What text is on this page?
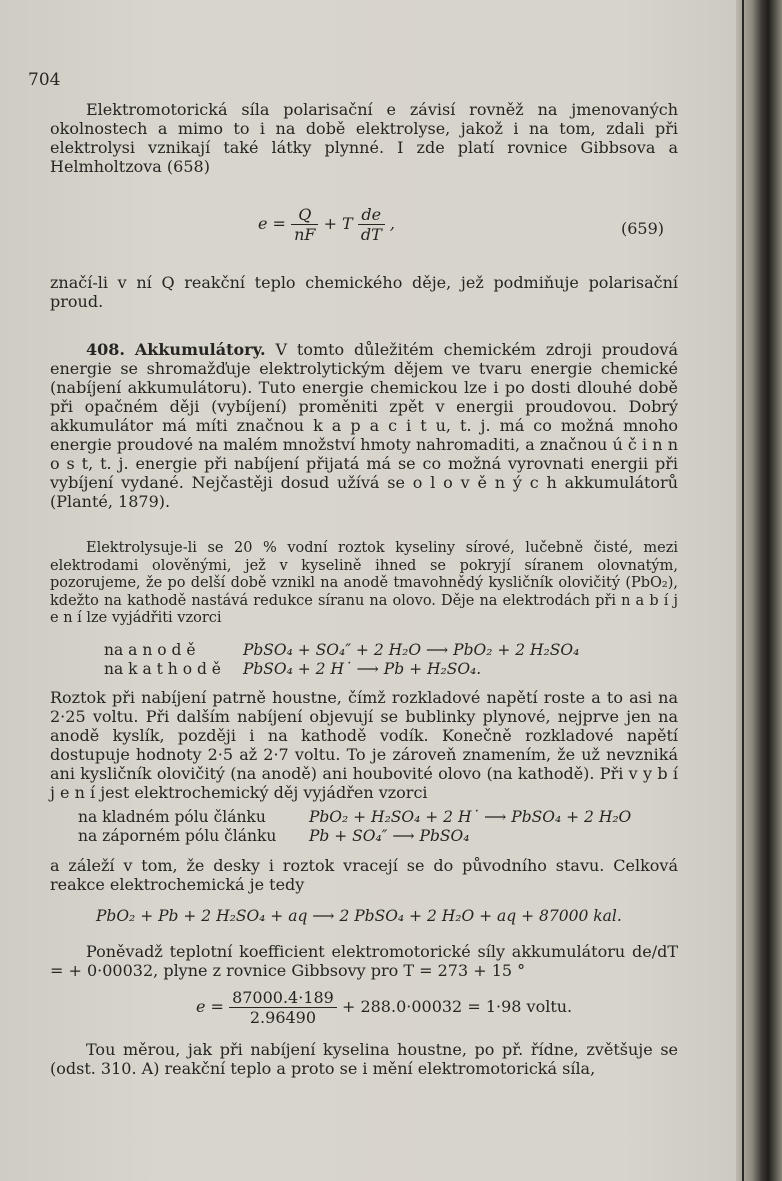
704

Elektromotorická síla polarisační e závisí rovněž na jmenovaných okolnostech a mimo to i na době elektrolyse, jakož i na tom, zdali při elektrolysi vznikají také látky plynné. I zde platí rovnice Gibbsova a Helmholtzova (658)

$e = \frac{Q}{nF} + T \frac{de}{dT}$ ,	(659)

značí-li v ní Q reakční teplo chemického děje, jež podmiňuje polarisační proud.

408. Akkumulátory. V tomto důležitém chemickém zdroji proudová energie se shromažďuje elektrolytickým dějem ve tvaru energie chemické (nabíjení akkumulátoru). Tuto energie chemickou lze i po dosti dlouhé době při opačném ději (vybíjení) proměniti zpět v energii proudovou. Dobrý akkumulátor má míti značnou k a p a c i t u, t. j. má co možná mnoho energie proudové na malém množství hmoty nahromaditi, a značnou ú č i n n o s t, t. j. energie při nabíjení přijatá má se co možná vyrovnati energii při vybíjení vydané. Nejčastěji dosud užívá se o l o v ě n ý c h akkumulátorů (Planté, 1879).

Elektrolysuje-li se 20 % vodní roztok kyseliny sírové, lučebně čisté, mezi elektrodami olověnými, jež v kyselině ihned se pokryjí síranem olovnatým, pozorujeme, že po delší době vznikl na anodě tmavohnědý kysličník olovičitý (PbO₂), kdežto na kathodě nastává redukce síranu na olovo. Děje na elektrodách při n a b í j e n í lze vyjádřiti vzorci

na a n o d ě	PbSO₄ + SO₄″ + 2 H₂O ⟶ PbO₂ + 2 H₂SO₄
na k a t h o d ě PbSO₄ + 2 H˙ ⟶ Pb + H₂SO₄.

Roztok při nabíjení patrně houstne, čímž rozkladové napětí roste a to asi na 2·25 voltu. Při dalším nabíjení objevují se bublinky plynové, nejprve jen na anodě kyslík, později i na kathodě vodík. Konečně rozkladové napětí dostupuje hodnoty 2·5 až 2·7 voltu. To je zároveň znamením, že už nevzniká ani kysličník olovičitý (na anodě) ani houbovité olovo (na kathodě). Při v y b í j e n í jest elektrochemický děj vyjádřen vzorci

na kladném pólu článku	PbO₂ + H₂SO₄ + 2 H˙ ⟶ PbSO₄ + 2 H₂O
na záporném pólu článku Pb + SO₄″ ⟶ PbSO₄

a záleží v tom, že desky i roztok vracejí se do původního stavu. Celková reakce elektrochemická je tedy

PbO₂ + Pb + 2 H₂SO₄ + aq ⟶ 2 PbSO₄ + 2 H₂O + aq + 87000 kal.

Poněvadž teplotní koefficient elektromotorické síly akkumulátoru de/dT = + 0·00032, plyne z rovnice Gibbsovy pro T = 273 + 15 °

$e = \frac{87000.4\cdot 189}{2.96490} + 288.0\cdot 00032 = 1\cdot 98$ voltu.

Tou měrou, jak při nabíjení kyselina houstne, po př. řídne, zvětšuje se (odst. 310. A) reakční teplo a proto se i mění elektromotorická síla,
